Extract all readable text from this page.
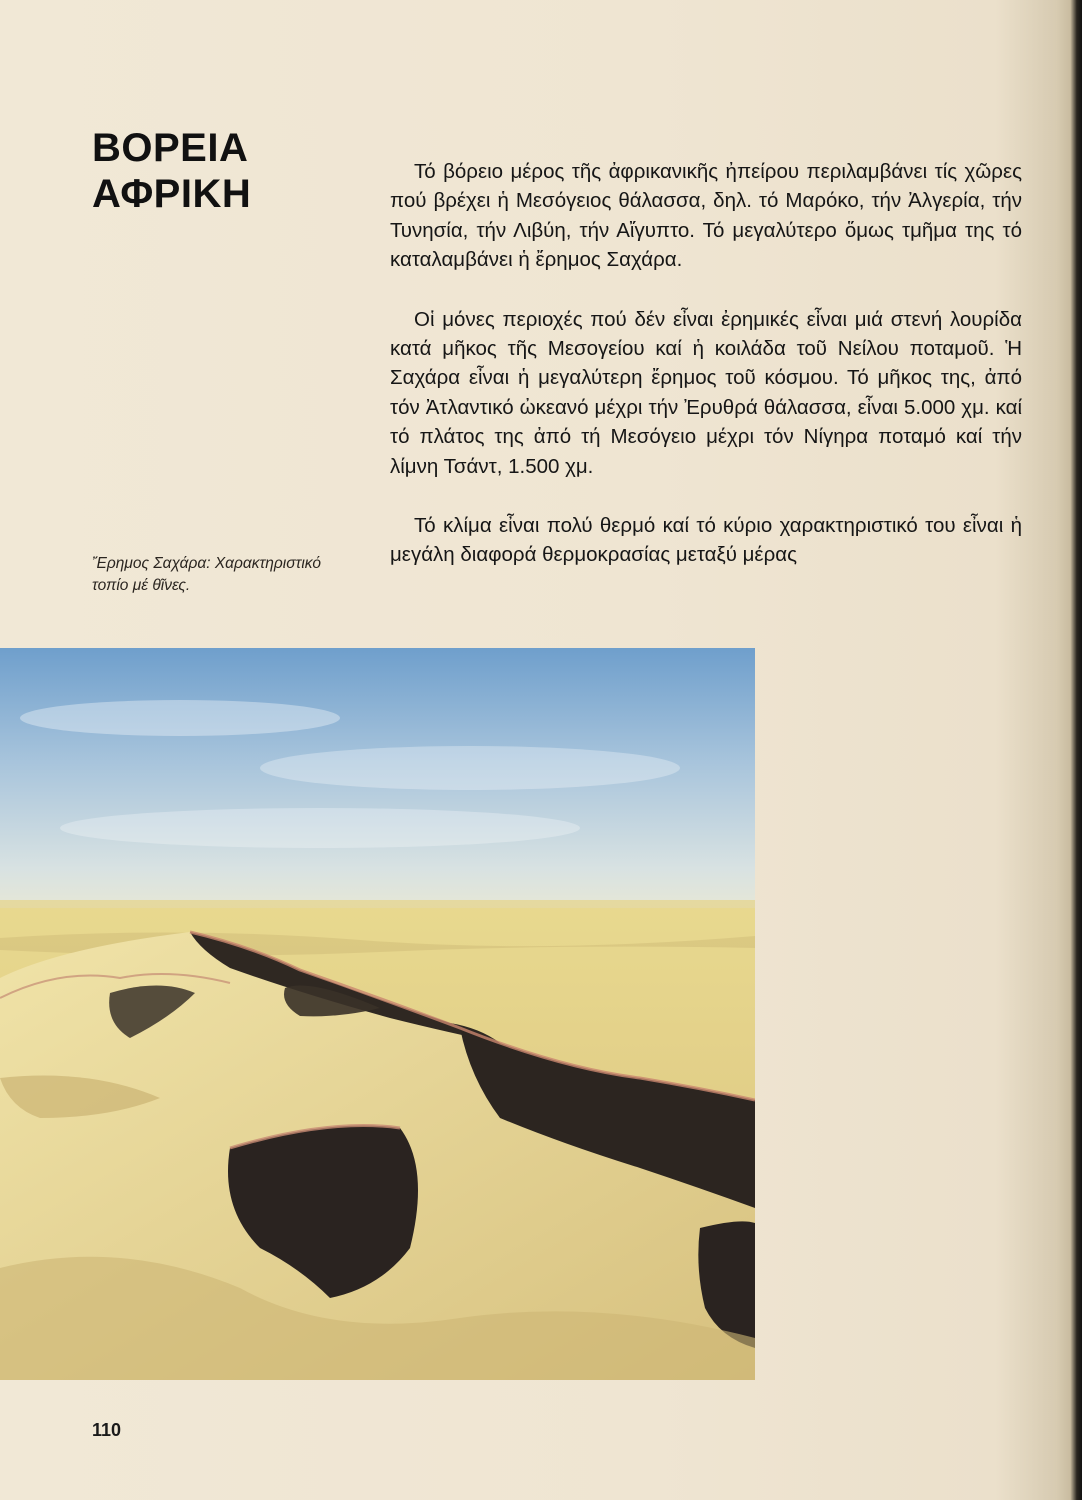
ΒΟΡΕΙΑ
ΑΦΡΙΚΗ

Τό βόρειο μέρος τῆς ἀφρικανικῆς ἠπείρου περιλαμβάνει τίς χῶρες πού βρέχει ἡ Μεσόγειος θάλασσα, δηλ. τό Μαρόκο, τήν Ἀλγερία, τήν Τυνησία, τήν Λιβύη, τήν Αἴγυπτο. Τό μεγαλύτερο ὅμως τμῆμα της τό καταλαμβάνει ἡ ἔρημος Σαχάρα.

Οἱ μόνες περιοχές πού δέν εἶναι ἐρημικές εἶναι μιά στενή λουρίδα κατά μῆκος τῆς Μεσογείου καί ἡ κοιλάδα τοῦ Νείλου ποταμοῦ. Ἡ Σαχάρα εἶναι ἡ μεγαλύτερη ἔρημος τοῦ κόσμου. Τό μῆκος της, ἀπό τόν Ἀτλαντικό ὠκεανό μέχρι τήν Ἐρυθρά θάλασσα, εἶναι 5.000 χμ. καί τό πλάτος της ἀπό τή Μεσόγειο μέχρι τόν Νίγηρα ποταμό καί τήν λίμνη Τσάντ, 1.500 χμ.

Τό κλίμα εἶναι πολύ θερμό καί τό κύριο χαρακτηριστικό του εἶναι ἡ μεγάλη διαφορά θερμοκρασίας μεταξύ μέρας

Ἔρημος Σαχάρα: Χαρακτηριστικό τοπίο μέ θῖνες.
110
